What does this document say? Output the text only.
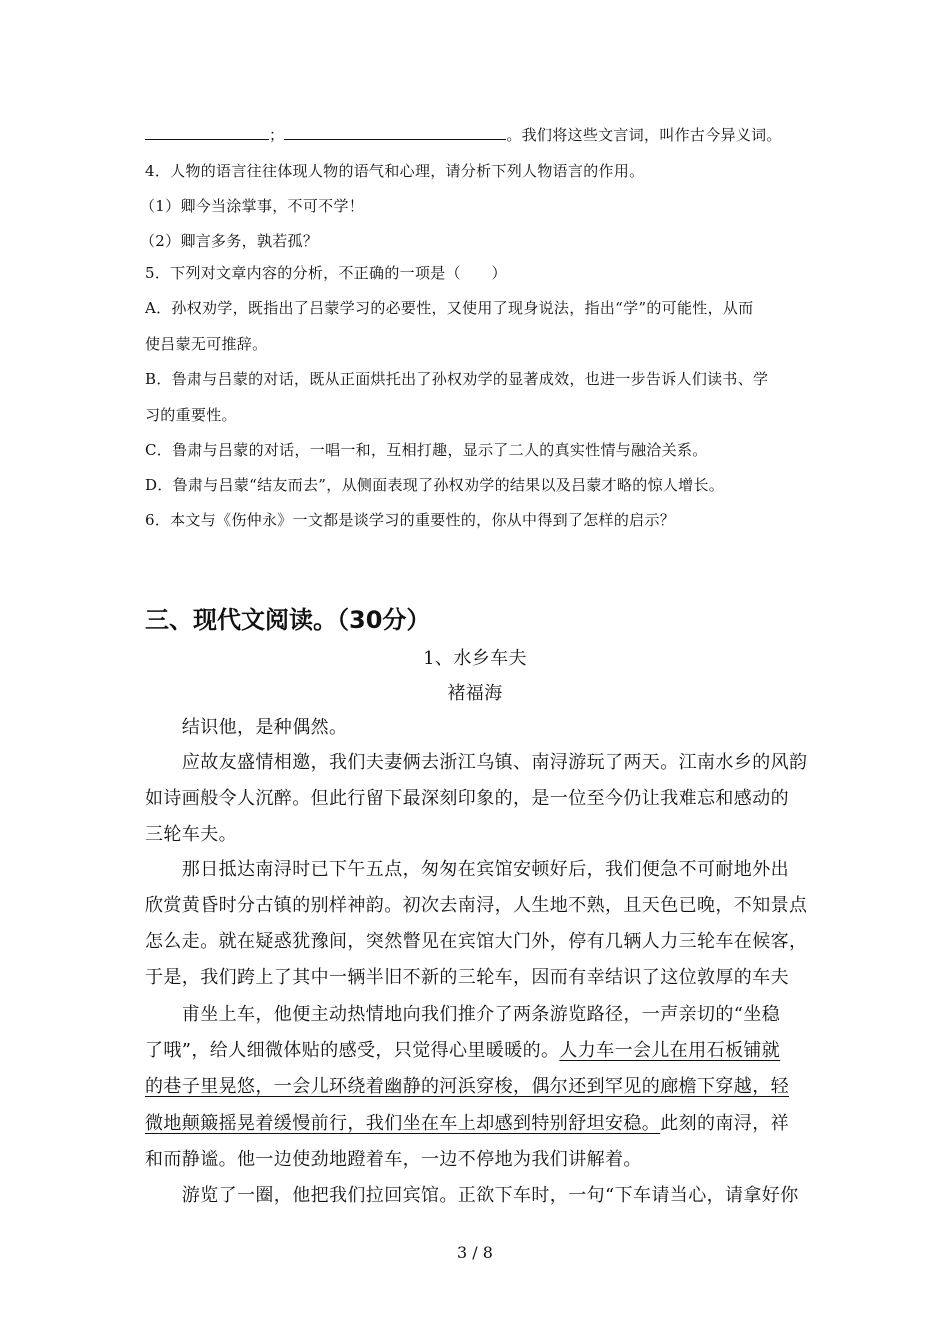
；	。我们将这些文言词，叫作古今异义词。
4．人物的语言往往体现人物的语气和心理，请分析下列人物语言的作用。
（1）卿今当涂掌事，不可不学！
（2）卿言多务，孰若孤？
5．下列对文章内容的分析，不正确的一项是（　　）
A．孙权劝学，既指出了吕蒙学习的必要性，又使用了现身说法，指出“学”的可能性，从而
使吕蒙无可推辞。
B．鲁肃与吕蒙的对话，既从正面烘托出了孙权劝学的显著成效，也进一步告诉人们读书、学
习的重要性。
C．鲁肃与吕蒙的对话，一唱一和，互相打趣，显示了二人的真实性情与融洽关系。
D．鲁肃与吕蒙“结友而去”，从侧面表现了孙权劝学的结果以及吕蒙才略的惊人增长。
6．本文与《伤仲永》一文都是谈学习的重要性的，你从中得到了怎样的启示？
三、现代文阅读。（30分）
1、水乡车夫
褚福海
　　结识他，是种偶然。
　　应故友盛情相邀，我们夫妻俩去浙江乌镇、南浔游玩了两天。江南水乡的风韵
如诗画般令人沉醉。但此行留下最深刻印象的，是一位至今仍让我难忘和感动的
三轮车夫。
　　那日抵达南浔时已下午五点，匆匆在宾馆安顿好后，我们便急不可耐地外出
欣赏黄昏时分古镇的别样神韵。初次去南浔，人生地不熟，且天色已晚，不知景点
怎么走。就在疑惑犹豫间，突然瞥见在宾馆大门外，停有几辆人力三轮车在候客，
于是，我们跨上了其中一辆半旧不新的三轮车，因而有幸结识了这位敦厚的车夫
　　甫坐上车，他便主动热情地向我们推介了两条游览路径，一声亲切的“坐稳
了哦”，给人细微体贴的感受，只觉得心里暖暖的。人力车一会儿在用石板铺就
的巷子里晃悠，一会儿环绕着幽静的河浜穿梭，偶尔还到罕见的廊檐下穿越，轻
微地颠簸摇晃着缓慢前行，我们坐在车上却感到特别舒坦安稳。此刻的南浔，祥
和而静谧。他一边使劲地蹬着车，一边不停地为我们讲解着。
　　游览了一圈，他把我们拉回宾馆。正欲下车时，一句“下车请当心，请拿好你
3 / 8
